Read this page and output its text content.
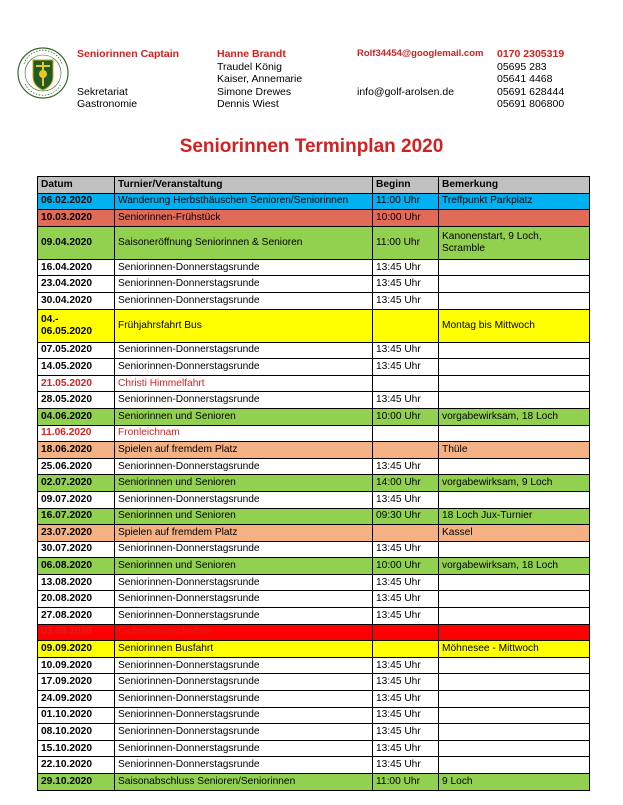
Seniorinnen Captain
Sekretariat
Gastronomie
Hanne Brandt
Traudel König
Kaiser, Annemarie
Simone Drewes
Dennis Wiest
Rolf34454@googlemail.com
info@golf-arolsen.de
0170 2305319
05695 283
05641 4468
05691 628444
05691 806800
Seniorinnen Terminplan 2020
Datum	Turnier/Veranstaltung	Beginn	Bemerkung
06.02.2020	Wanderung Herbsthäuschen Senioren/Seniorinnen	11:00 Uhr	Treffpunkt Parkplatz
10.03.2020	Seniorinnen-Frühstück	10:00 Uhr	
09.04.2020	Saisoneröffnung Seniorinnen & Senioren	11:00 Uhr	Kanonenstart, 9 Loch, Scramble
16.04.2020	Seniorinnen-Donnerstagsrunde	13:45 Uhr	
23.04.2020	Seniorinnen-Donnerstagsrunde	13:45 Uhr	
30.04.2020	Seniorinnen-Donnerstagsrunde	13:45 Uhr	
04.- 06.05.2020	Frühjahrsfahrt Bus		Montag bis Mittwoch
07.05.2020	Seniorinnen-Donnerstagsrunde	13:45 Uhr	
14.05.2020	Seniorinnen-Donnerstagsrunde	13:45 Uhr	
21.05.2020	Christi Himmelfahrt		
28.05.2020	Seniorinnen-Donnerstagsrunde	13:45 Uhr	
04.06.2020	Seniorinnen und Senioren	10:00 Uhr	vorgabewirksam, 18 Loch
11.06.2020	Fronleichnam		
18.06.2020	Spielen auf fremdem Platz		Thüle
25.06.2020	Seniorinnen-Donnerstagsrunde	13:45 Uhr	
02.07.2020	Seniorinnen und Senioren	14:00 Uhr	vorgabewirksam, 9 Loch
09.07.2020	Seniorinnen-Donnerstagsrunde	13:45 Uhr	
16.07.2020	Seniorinnen und Senioren	09:30 Uhr	18 Loch Jux-Turnier
23.07.2020	Spielen auf fremdem Platz		Kassel
30.07.2020	Seniorinnen-Donnerstagsrunde	13:45 Uhr	
06.08.2020	Seniorinnen und Senioren	10:00 Uhr	vorgabewirksam, 18 Loch
13.08.2020	Seniorinnen-Donnerstagsrunde	13:45 Uhr	
20.08.2020	Seniorinnen-Donnerstagsrunde	13:45 Uhr	
27.08.2020	Seniorinnen-Donnerstagsrunde	13:45 Uhr	
03.09.2020	Clubmeisterschaften		
09.09.2020	Seniorinnen Busfahrt		Möhnesee - Mittwoch
10.09.2020	Seniorinnen-Donnerstagsrunde	13:45 Uhr	
17.09.2020	Seniorinnen-Donnerstagsrunde	13:45 Uhr	
24.09.2020	Seniorinnen-Donnerstagsrunde	13:45 Uhr	
01.10.2020	Seniorinnen-Donnerstagsrunde	13:45 Uhr	
08.10.2020	Seniorinnen-Donnerstagsrunde	13:45 Uhr	
15.10.2020	Seniorinnen-Donnerstagsrunde	13:45 Uhr	
22.10.2020	Seniorinnen-Donnerstagsrunde	13:45 Uhr	
29.10.2020	Saisonabschluss Senioren/Seniorinnen	11:00 Uhr	9 Loch
